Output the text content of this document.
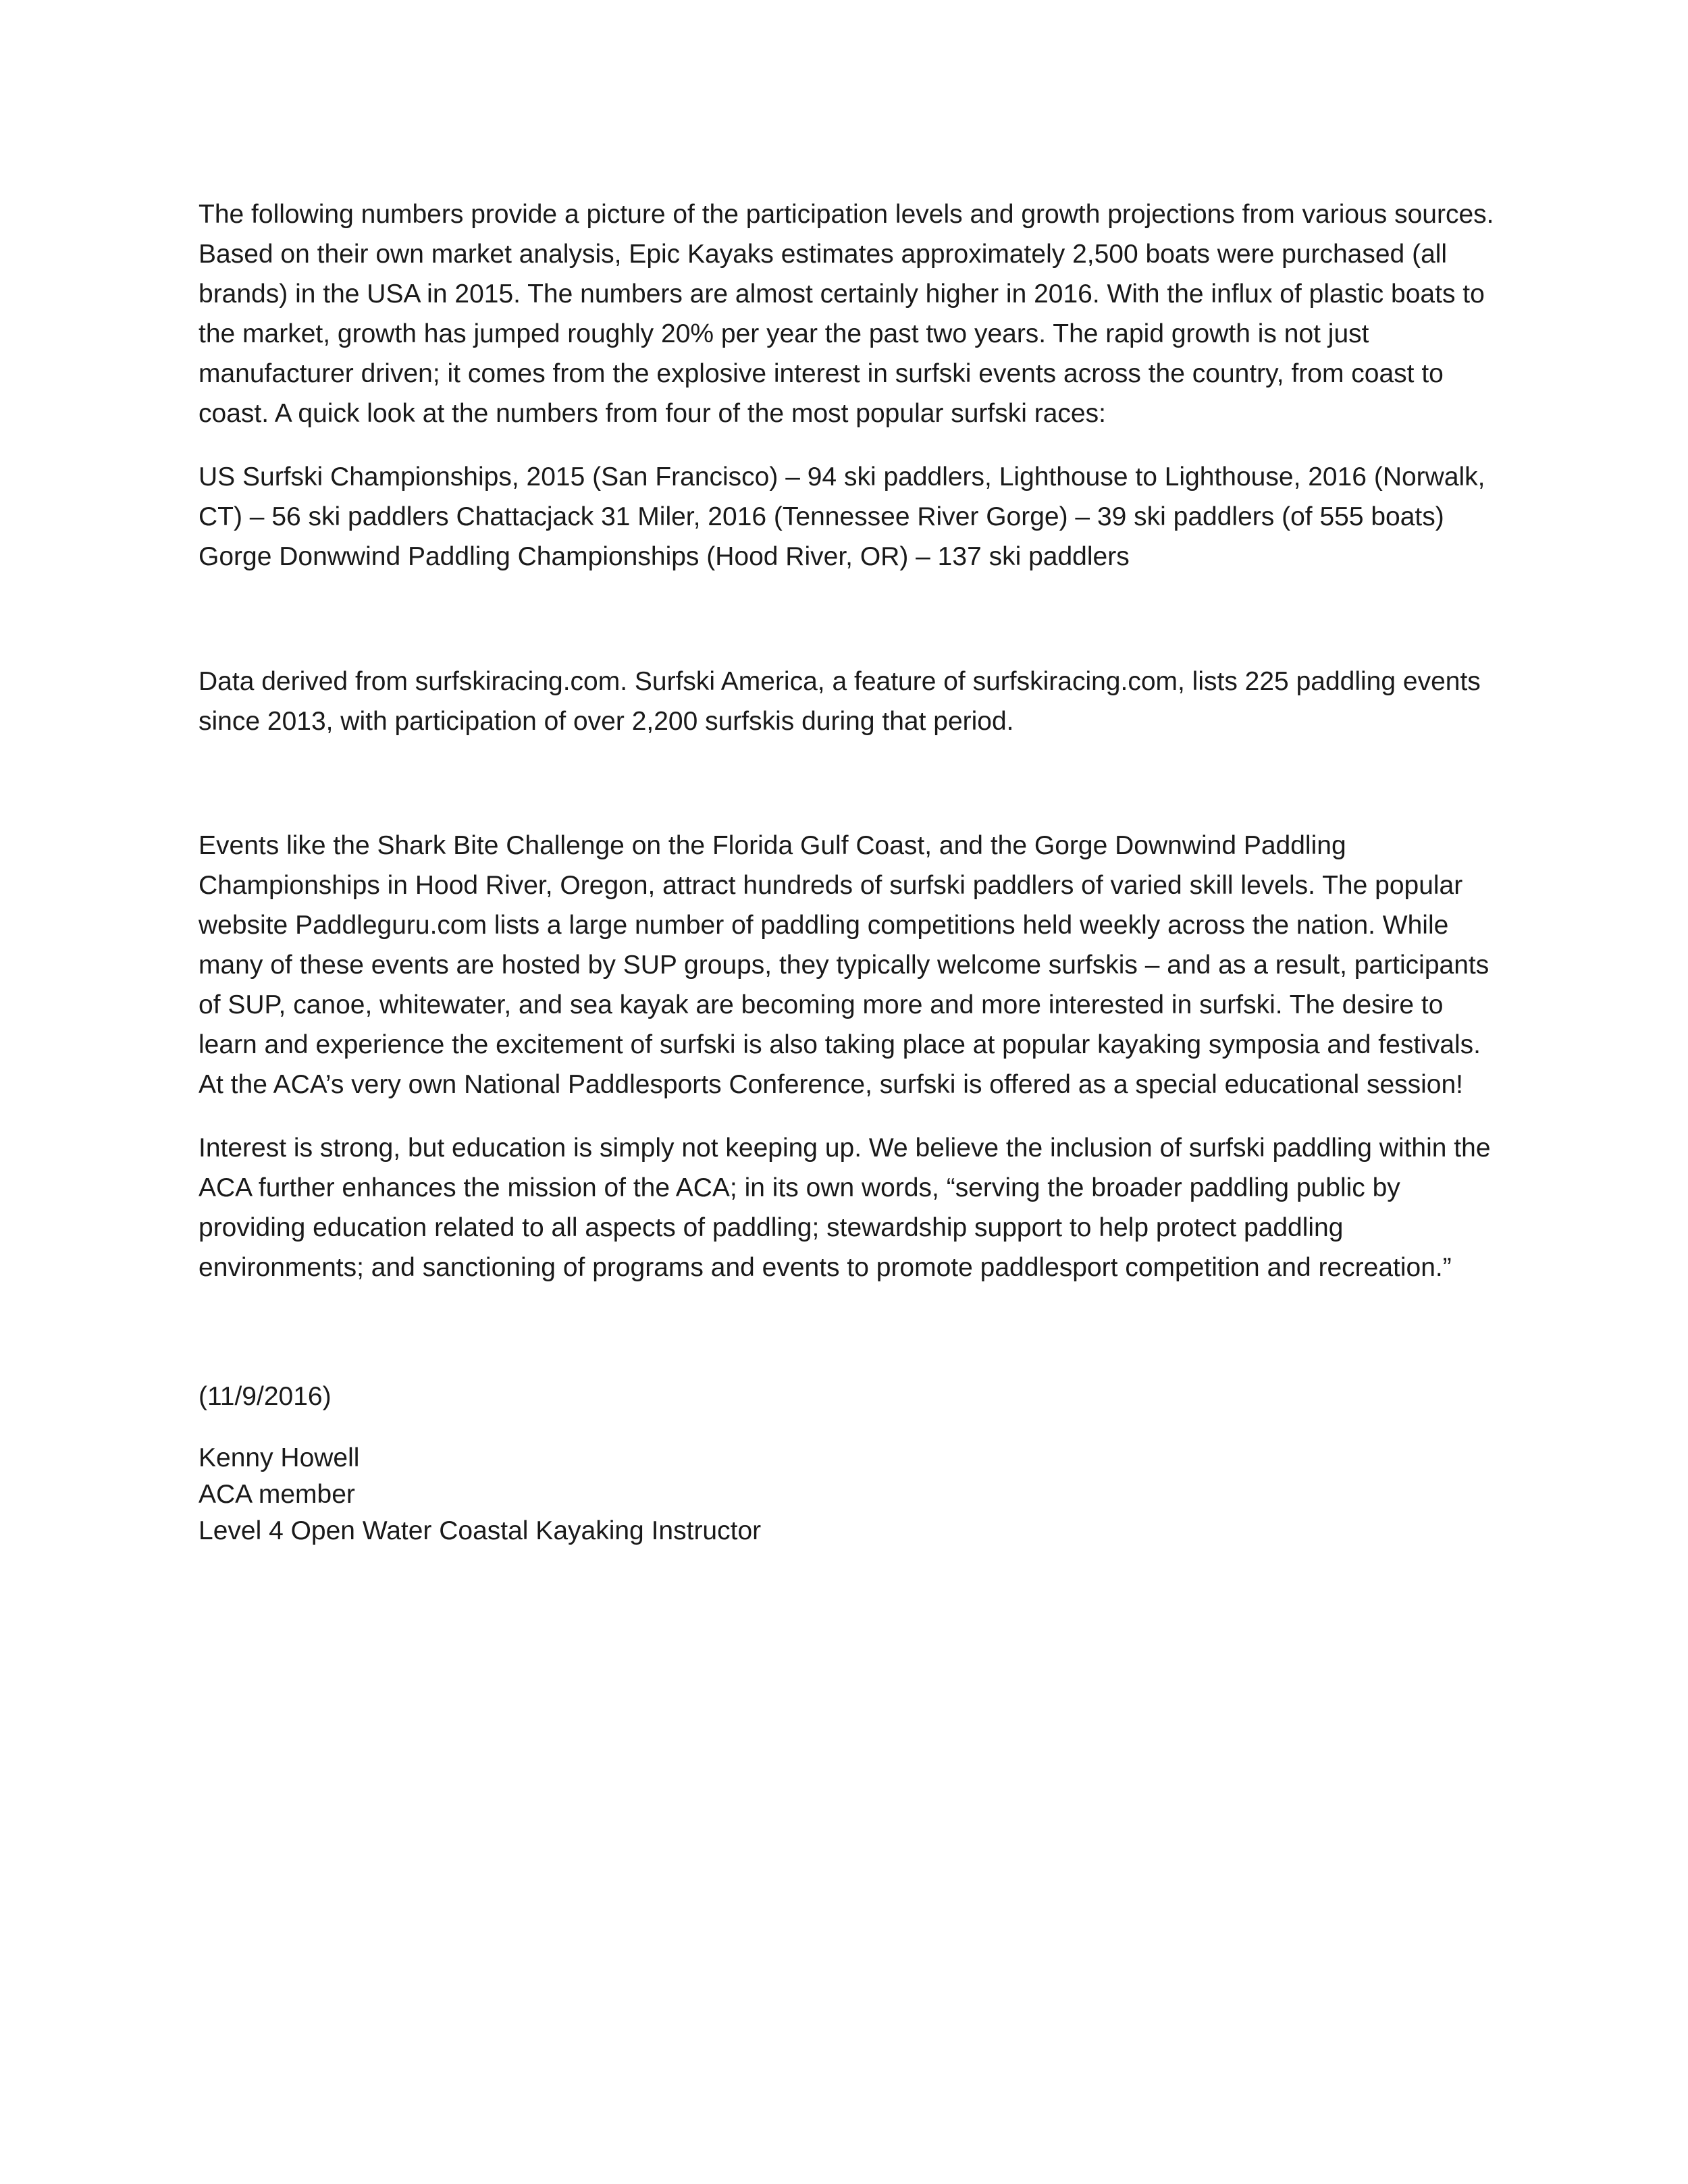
The following numbers provide a picture of the participation levels and growth projections from various sources. Based on their own market analysis, Epic Kayaks estimates approximately 2,500 boats were purchased (all brands) in the USA in 2015. The numbers are almost certainly higher in 2016. With the influx of plastic boats to the market, growth has jumped roughly 20% per year the past two years. The rapid growth is not just manufacturer driven; it comes from the explosive interest in surfski events across the country, from coast to coast. A quick look at the numbers from four of the most popular surfski races:

US Surfski Championships, 2015 (San Francisco) – 94 ski paddlers, Lighthouse to Lighthouse, 2016 (Norwalk, CT) – 56 ski paddlers Chattacjack 31 Miler, 2016 (Tennessee River Gorge) – 39 ski paddlers (of 555 boats) Gorge Donwwind Paddling Championships (Hood River, OR) – 137 ski paddlers

Data derived from surfskiracing.com. Surfski America, a feature of surfskiracing.com, lists 225 paddling events since 2013, with participation of over 2,200 surfskis during that period.

Events like the Shark Bite Challenge on the Florida Gulf Coast, and the Gorge Downwind Paddling Championships in Hood River, Oregon, attract hundreds of surfski paddlers of varied skill levels. The popular website Paddleguru.com lists a large number of paddling competitions held weekly across the nation. While many of these events are hosted by SUP groups, they typically welcome surfskis – and as a result, participants of SUP, canoe, whitewater, and sea kayak are becoming more and more interested in surfski. The desire to learn and experience the excitement of surfski is also taking place at popular kayaking symposia and festivals. At the ACA’s very own National Paddlesports Conference, surfski is offered as a special educational session!

Interest is strong, but education is simply not keeping up. We believe the inclusion of surfski paddling within the ACA further enhances the mission of the ACA; in its own words, “serving the broader paddling public by providing education related to all aspects of paddling; stewardship support to help protect paddling environments; and sanctioning of programs and events to promote paddlesport competition and recreation.”

(11/9/2016)

Kenny Howell

ACA member

Level 4 Open Water Coastal Kayaking Instructor
